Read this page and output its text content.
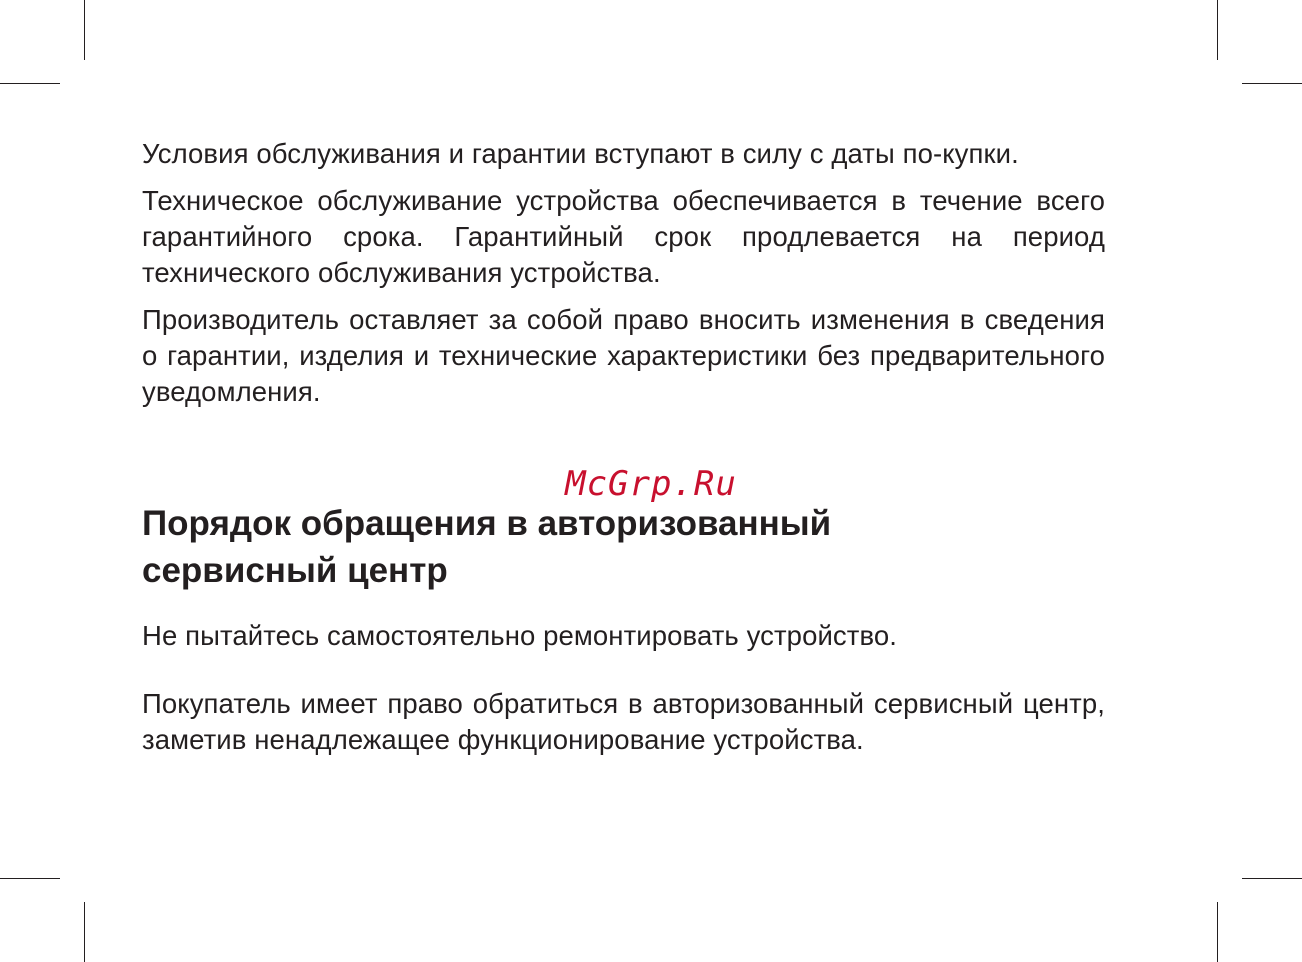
Условия обслуживания и гарантии вступают в силу с даты по-купки.

Техническое обслуживание устройства обеспечивается в течение всего гарантийного срока. Гарантийный срок продлевается на период технического обслуживания устройства.

Производитель оставляет за собой право вносить изменения в сведения о гарантии, изделия и технические характеристики без предварительного уведомления.

McGrp.Ru
Порядок обращения в авторизованный
сервисный центр

Не пытайтесь самостоятельно ремонтировать устройство.

Покупатель имеет право обратиться в авторизованный сервисный центр, заметив ненадлежащее функционирование устройства.
